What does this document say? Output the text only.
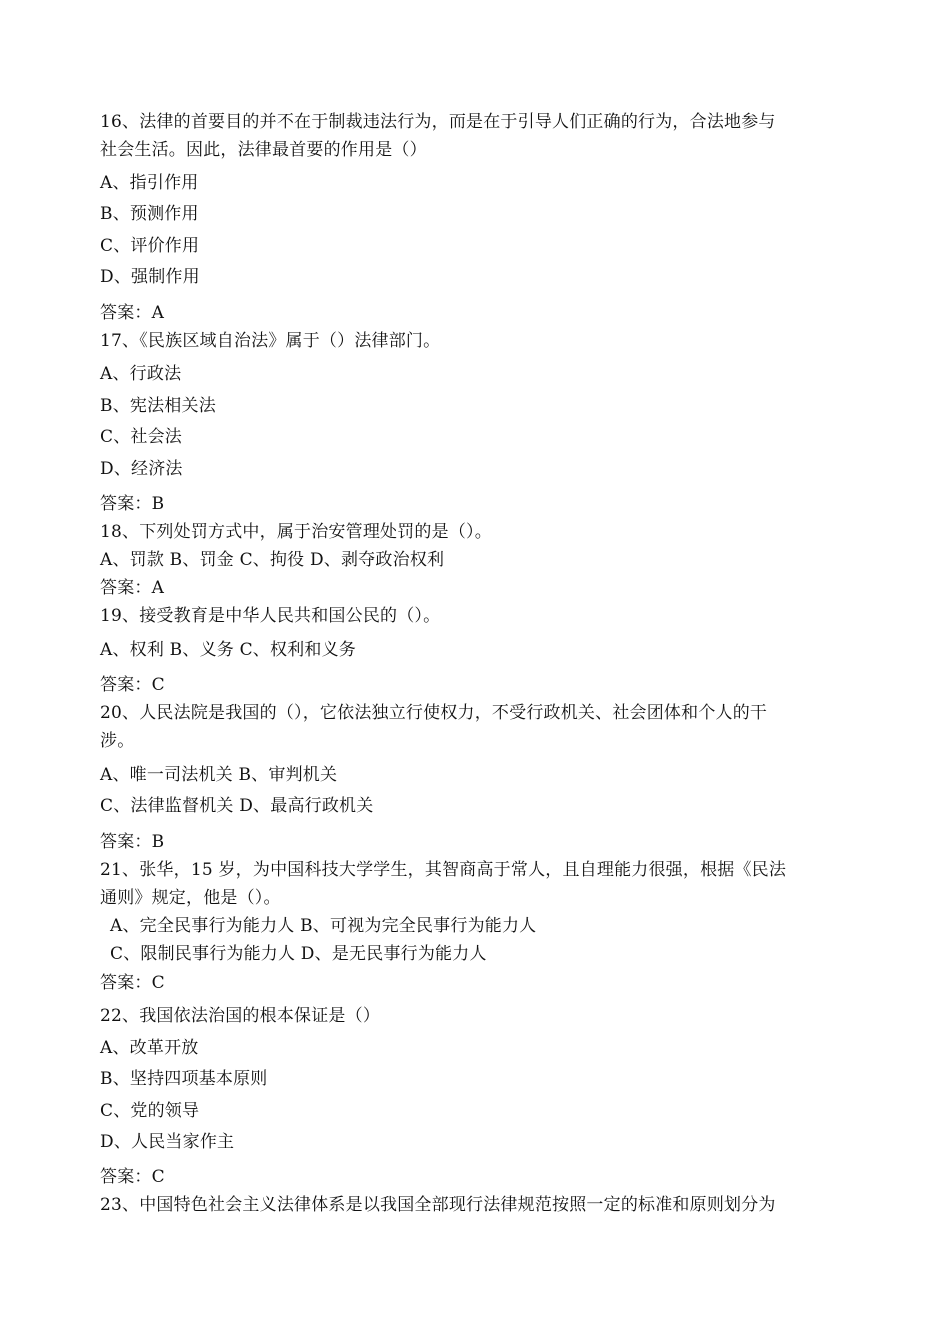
16、法律的首要目的并不在于制裁违法行为，而是在于引导人们正确的行为，合法地参与
社会生活。因此，法律最首要的作用是（）
A、指引作用
B、预测作用
C、评价作用
D、强制作用
答案：A
17、《民族区域自治法》属于（）法律部门。
A、行政法
B、宪法相关法
C、社会法
D、经济法
答案：B
18、下列处罚方式中，属于治安管理处罚的是（）。
A、罚款 B、罚金 C、拘役 D、剥夺政治权利
答案：A
19、接受教育是中华人民共和国公民的（）。
A、权利 B、义务 C、权利和义务
答案：C
20、人民法院是我国的（），它依法独立行使权力，不受行政机关、社会团体和个人的干
涉。
A、唯一司法机关 B、审判机关
C、法律监督机关 D、最高行政机关
答案：B
21、张华，15 岁，为中国科技大学学生，其智商高于常人，且自理能力很强，根据《民法
通则》规定，他是（）。
A、完全民事行为能力人 B、可视为完全民事行为能力人
C、限制民事行为能力人 D、是无民事行为能力人
答案：C
22、我国依法治国的根本保证是（）
A、改革开放
B、坚持四项基本原则
C、党的领导
D、人民当家作主
答案：C
23、中国特色社会主义法律体系是以我国全部现行法律规范按照一定的标准和原则划分为
